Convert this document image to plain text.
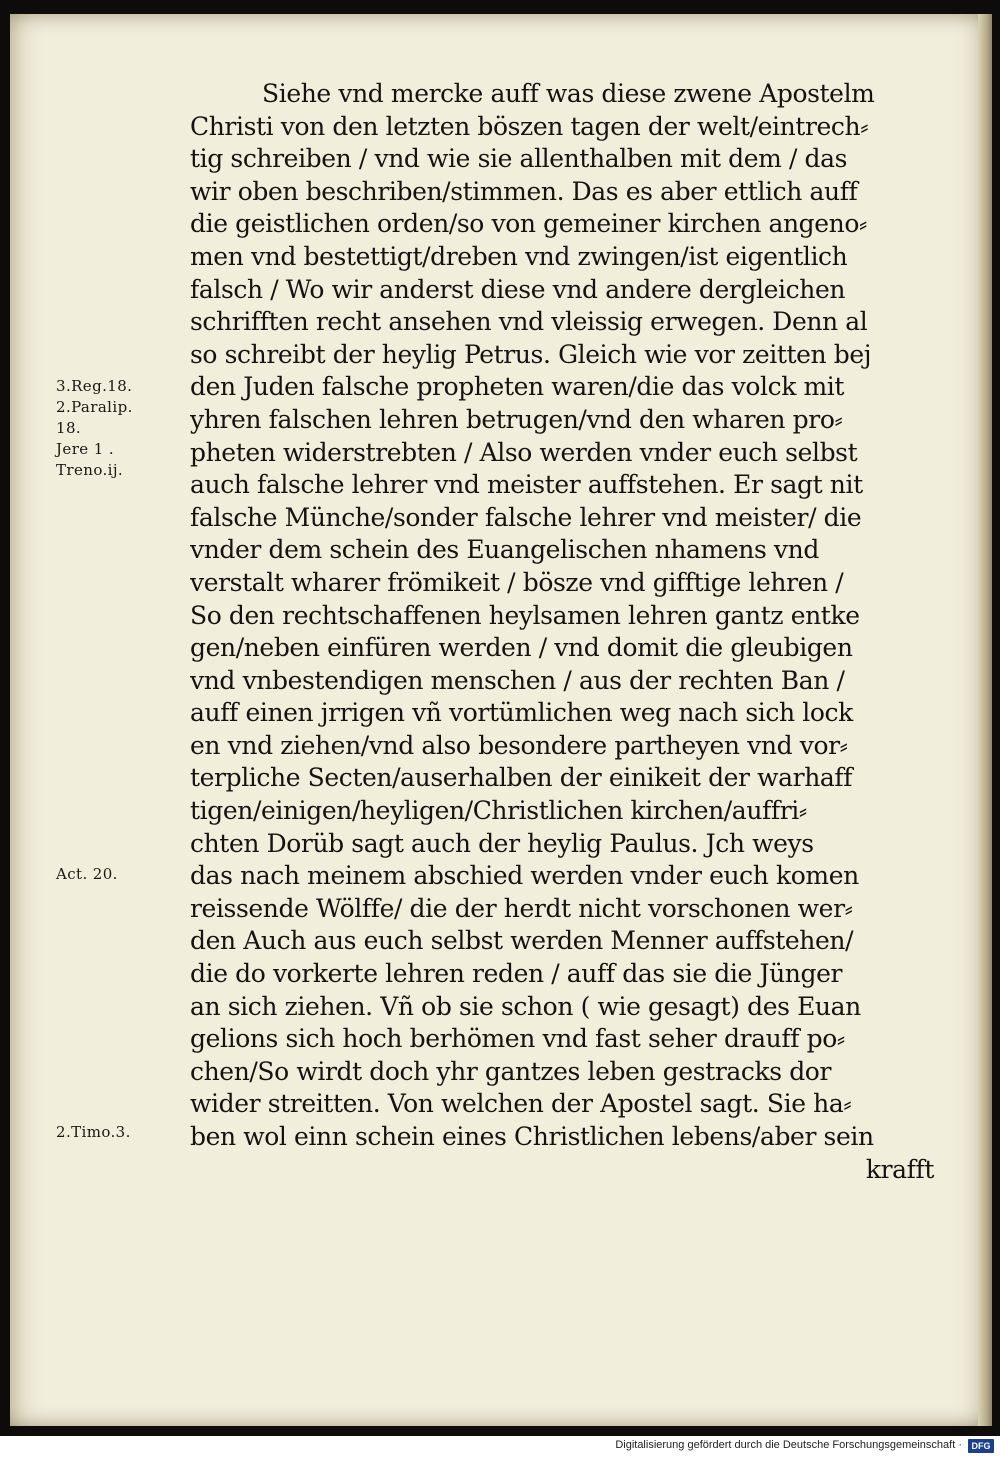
Siehe vnd mercke auff was diese zwene Apostelm
Christi von den letzten böszen tagen der welt/eintrech⸗
tig schreiben / vnd wie sie allenthalben mit dem / das
wir oben beschriben/stimmen. Das es aber ettlich auff
die geistlichen orden/so von gemeiner kirchen angeno⸗
men vnd bestettigt/dreben vnd zwingen/ist eigentlich
falsch / Wo wir anderst diese vnd andere dergleichen
schrifften recht ansehen vnd vleissig erwegen. Denn al
so schreibt der heylig Petrus. Gleich wie vor zeitten bej
den Juden falsche propheten waren/die das volck mit
yhren falschen lehren betrugen/vnd den wharen pro⸗
pheten widerstrebten / Also werden vnder euch selbst
auch falsche lehrer vnd meister auffstehen. Er sagt nit
falsche Münche/sonder falsche lehrer vnd meister/ die
vnder dem schein des Euangelischen nhamens vnd
verstalt wharer frömikeit / bösze vnd gifftige lehren /
So den rechtschaffenen heylsamen lehren gantz entke
gen/neben einfüren werden / vnd domit die gleubigen
vnd vnbestendigen menschen / aus der rechten Ban /
auff einen jrrigen vñ vortümlichen weg nach sich lock
en vnd ziehen/vnd also besondere partheyen vnd vor⸗
terpliche Secten/auserhalben der einikeit der warhaff
tigen/einigen/heyligen/Christlichen kirchen/auffri⸗
chten Dorüb sagt auch der heylig Paulus. Jch weys
das nach meinem abschied werden vnder euch komen
reissende Wölffe/ die der herdt nicht vorschonen wer⸗
den Auch aus euch selbst werden Menner auffstehen/
die do vorkerte lehren reden / auff das sie die Jünger
an sich ziehen. Vñ ob sie schon ( wie gesagt) des Euan
gelions sich hoch berhömen vnd fast seher drauff po⸗
chen/So wirdt doch yhr gantzes leben gestracks dor
wider streitten. Von welchen der Apostel sagt. Sie ha⸗
ben wol einn schein eines Christlichen lebens/aber sein
krafft
3.Reg.18.
2.Paralip.
18.
Jere 1 .
Treno.ij.
Act. 20.
2.Timo.3.
Digitalisierung gefördert durch die Deutsche Forschungsgemeinschaft ·	DFG
